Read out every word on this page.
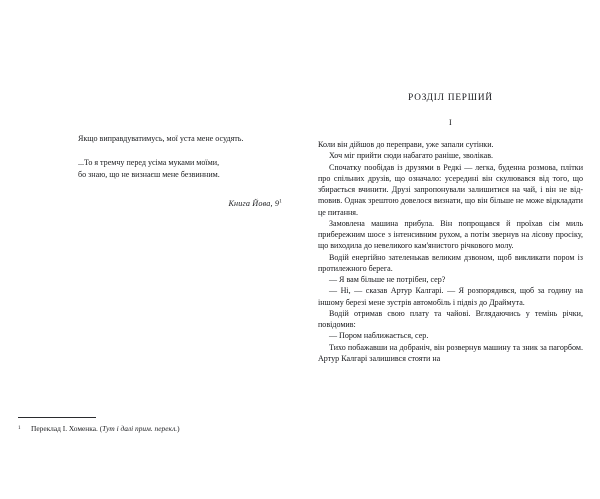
Якщо виправдуватимусь, мої уста мене осудять.
...То я тремчу перед усіма муками моїми,
бо знаю, що не визнаєш мене безвинним.
Книга Йова, $9^1$
1	Переклад І. Хоменка. (Тут і далі прим. перекл.)
РОЗДІЛ ПЕРШИЙ
I

Коли він дійшов до переправи, уже запали сутінки.

Хоч міг прийти сюди набагато раніше, зволікав.

Спочатку пообідав із друзями в Редкі — легка, буденна розмова, плітки про спільних друзів, що означало: усередині він скулювався від того, що збирається вчинити. Друзі запропонували залишитися на чай, і він не відmовив. Однак зрештою довелося визнати, що він більше не може відкладати це питання.

Замовлена машина прибула. Він попрощався й проїхав сім миль прибережним шосе з інтенсивним рухом, а потім звернув на лісову просіку, що виходила до невеликого кам'янистого річкового молу.

Водій енергійно зателенькав великим дзвоном, щоб викликати пором із протилежного берега.

— Я вам більше не потрібен, сер?

— Ні, — сказав Артур Калгарі. — Я розпорядився, щоб за годину на іншому березі мене зустрів автомобіль і підвіз до Драймута.

Водій отримав свою плату та чайові. Вглядаючись у темінь річки, повідомив:

— Пором наближається, сер.

Тихо побажавши на добраніч, він розвернув машину та зник за пагорбом. Артур Калгарі залишився стояти на
